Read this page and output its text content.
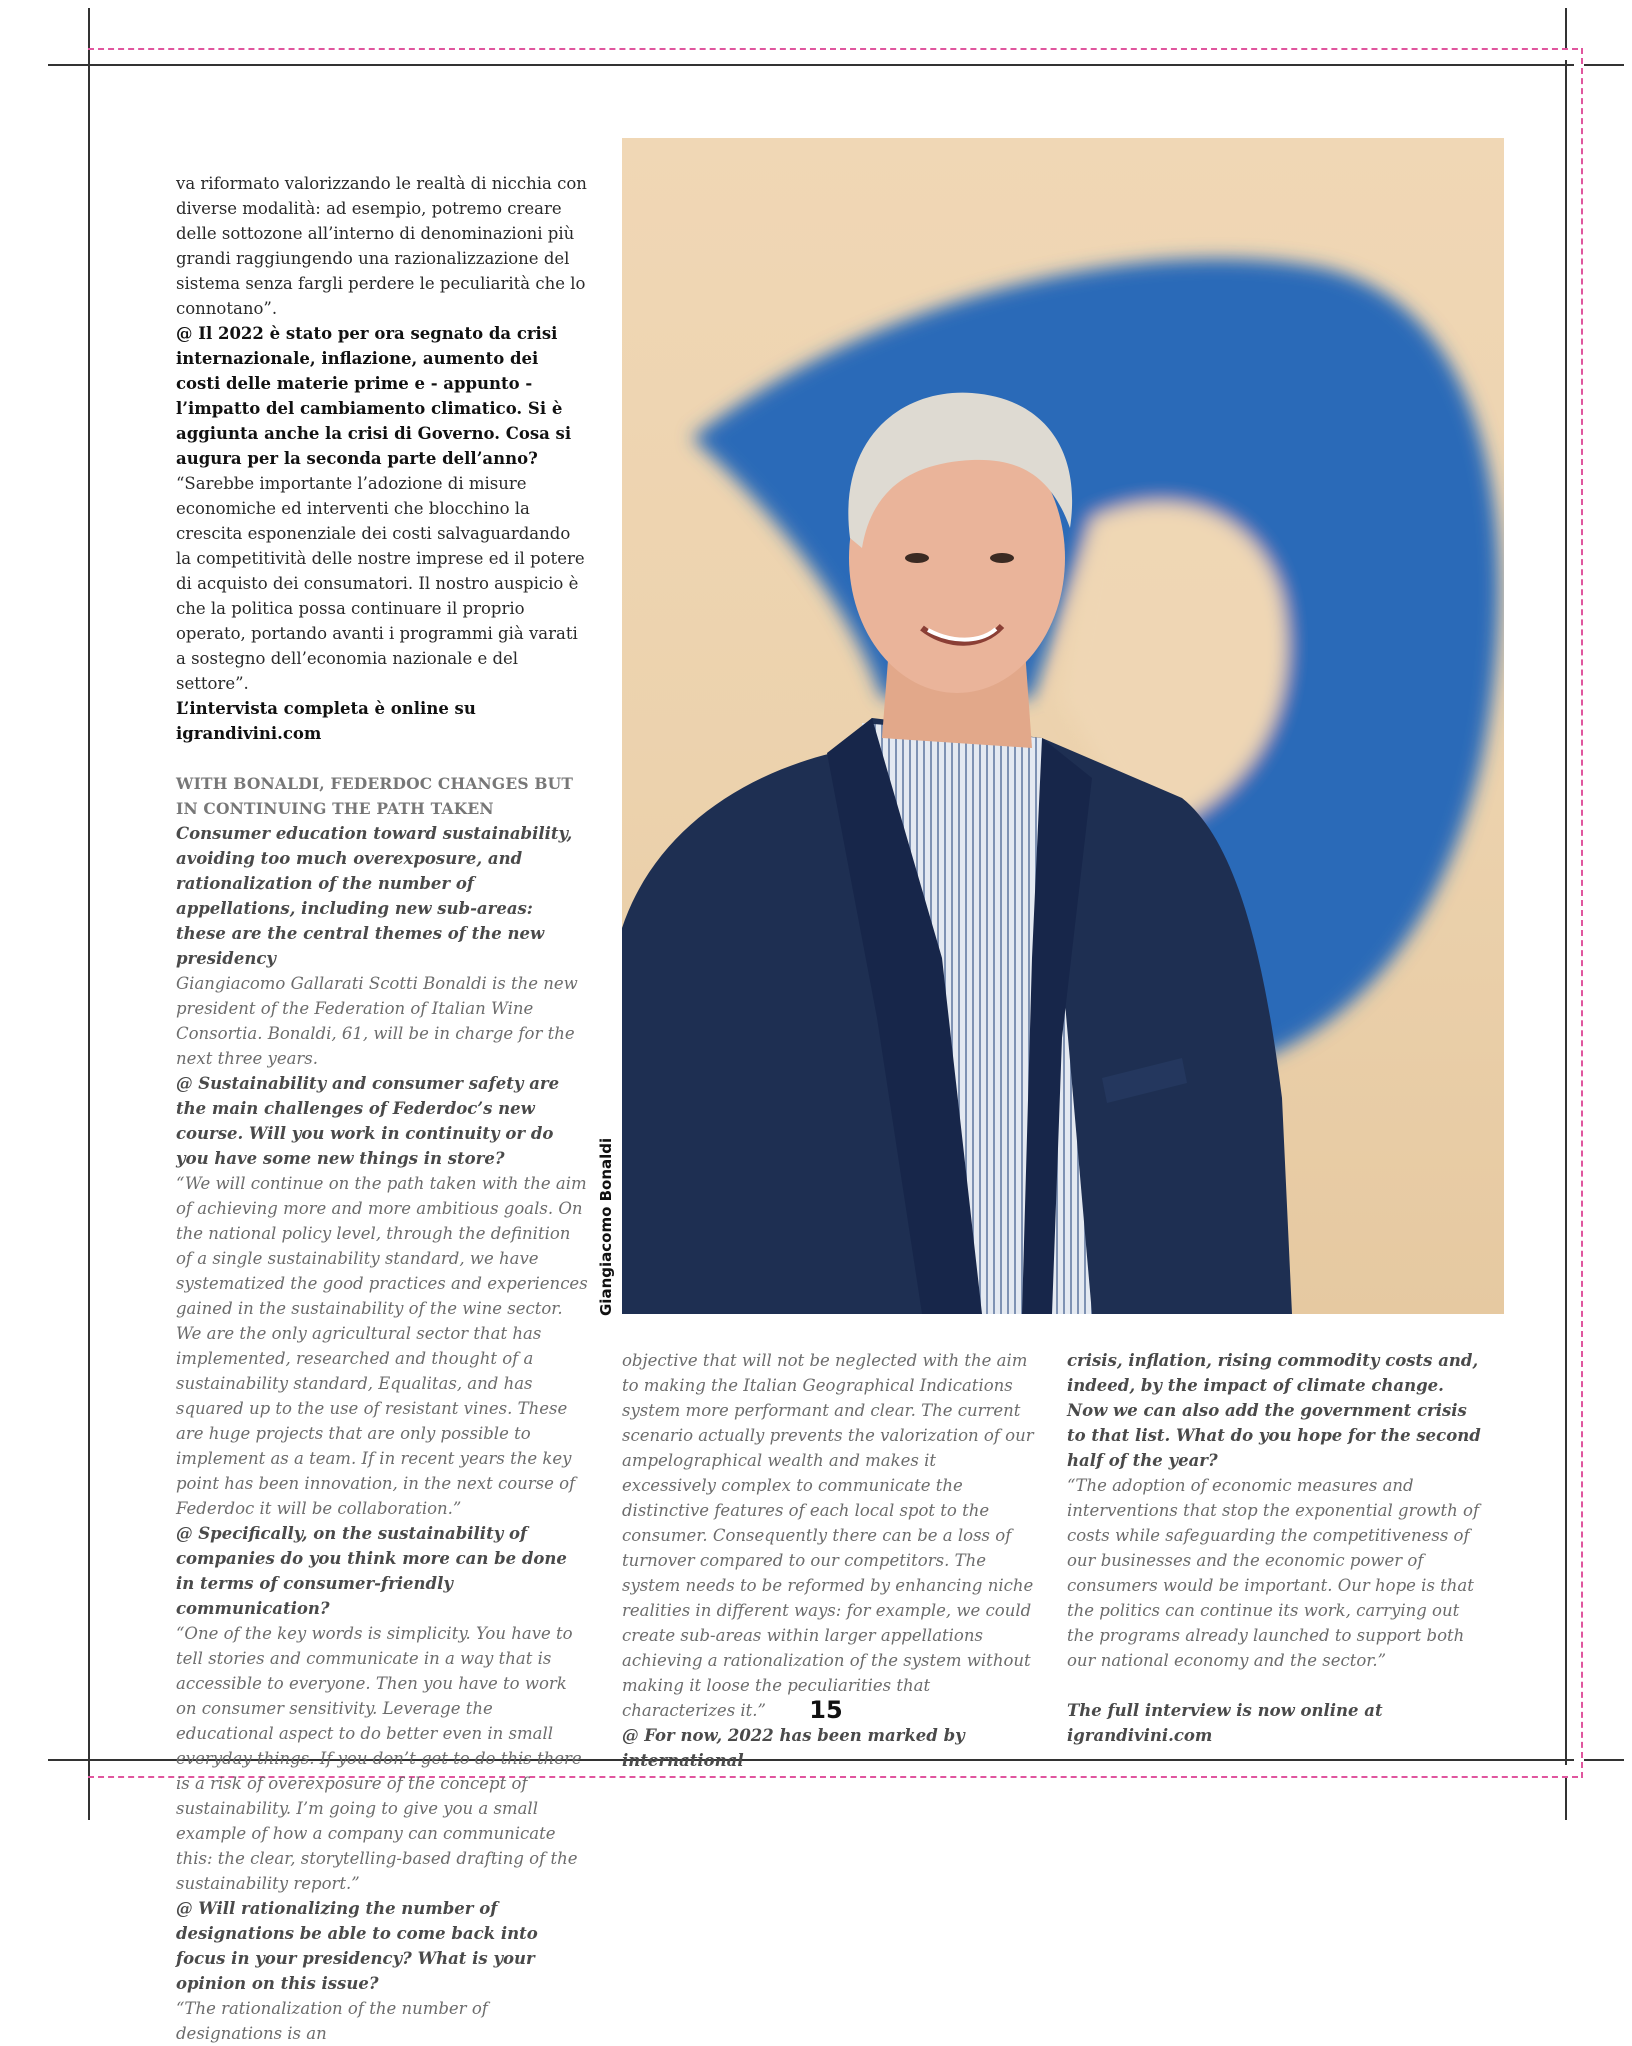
va riformato valorizzando le realtà di nicchia con diverse modalità: ad esempio, potremo creare delle sottozone all’interno di denominazioni più grandi raggiungendo una razionalizzazione del sistema senza fargli perdere le peculiarità che lo connotano”.

@ Il 2022 è stato per ora segnato da crisi internazionale, inflazione, aumento dei costi delle materie prime e - appunto - l’impatto del cambiamento climatico. Si è aggiunta anche la crisi di Governo. Cosa si augura per la seconda parte dell’anno?

“Sarebbe importante l’adozione di misure economiche ed interventi che blocchino la crescita esponenziale dei costi salvaguardando la competitività delle nostre imprese ed il potere di acquisto dei consumatori. Il nostro auspicio è che la politica possa continuare il proprio operato, portando avanti i programmi già varati a sostegno dell’economia nazionale e del settore”.

L’intervista completa è online su igrandivini.com

WITH BONALDI, FEDERDOC CHANGES BUT IN CONTINUING THE PATH TAKEN

Consumer education toward sustainability, avoiding too much overexposure, and rationalization of the number of appellations, including new sub-areas: these are the central themes of the new presidency

Giangiacomo Gallarati Scotti Bonaldi is the new president of the Federation of Italian Wine Consortia. Bonaldi, 61, will be in charge for the next three years.

@ Sustainability and consumer safety are the main challenges of Federdoc’s new course. Will you work in continuity or do you have some new things in store?

“We will continue on the path taken with the aim of achieving more and more ambitious goals. On the national policy level, through the definition of a single sustainability standard, we have systematized the good practices and experiences gained in the sustainability of the wine sector. We are the only agricultural sector that has implemented, researched and thought of a sustainability standard, Equalitas, and has squared up to the use of resistant vines. These are huge projects that are only possible to implement as a team. If in recent years the key point has been innovation, in the next course of Federdoc it will be collaboration.”

@ Specifically, on the sustainability of companies do you think more can be done in terms of consumer-friendly communication?

“One of the key words is simplicity. You have to tell stories and communicate in a way that is accessible to everyone. Then you have to work on consumer sensitivity. Leverage the educational aspect to do better even in small everyday things. If you don’t get to do this there is a risk of overexposure of the concept of sustainability. I’m going to give you a small example of how a company can communicate this: the clear, storytelling-based drafting of the sustainability report.”

@ Will rationalizing the number of designations be able to come back into focus in your presidency? What is your opinion on this issue?

“The rationalization of the number of designations is an

Giangiacomo Bonaldi

objective that will not be neglected with the aim to making the Italian Geographical Indications system more performant and clear. The current scenario actually prevents the valorization of our ampelographical wealth and makes it excessively complex to communicate the distinctive features of each local spot to the consumer. Consequently there can be a loss of turnover compared to our competitors. The system needs to be reformed by enhancing niche realities in different ways: for example, we could create sub-areas within larger appellations achieving a rationalization of the system without making it loose the peculiarities that characterizes it.”

@ For now, 2022 has been marked by international

crisis, inflation, rising commodity costs and, indeed, by the impact of climate change. Now we can also add the government crisis to that list. What do you hope for the second half of the year?

“The adoption of economic measures and interventions that stop the exponential growth of costs while safeguarding the competitiveness of our businesses and the economic power of consumers would be important. Our hope is that the politics can continue its work, carrying out the programs already launched to support both our national economy and the sector.”

The full interview is now online at igrandivini.com

15
